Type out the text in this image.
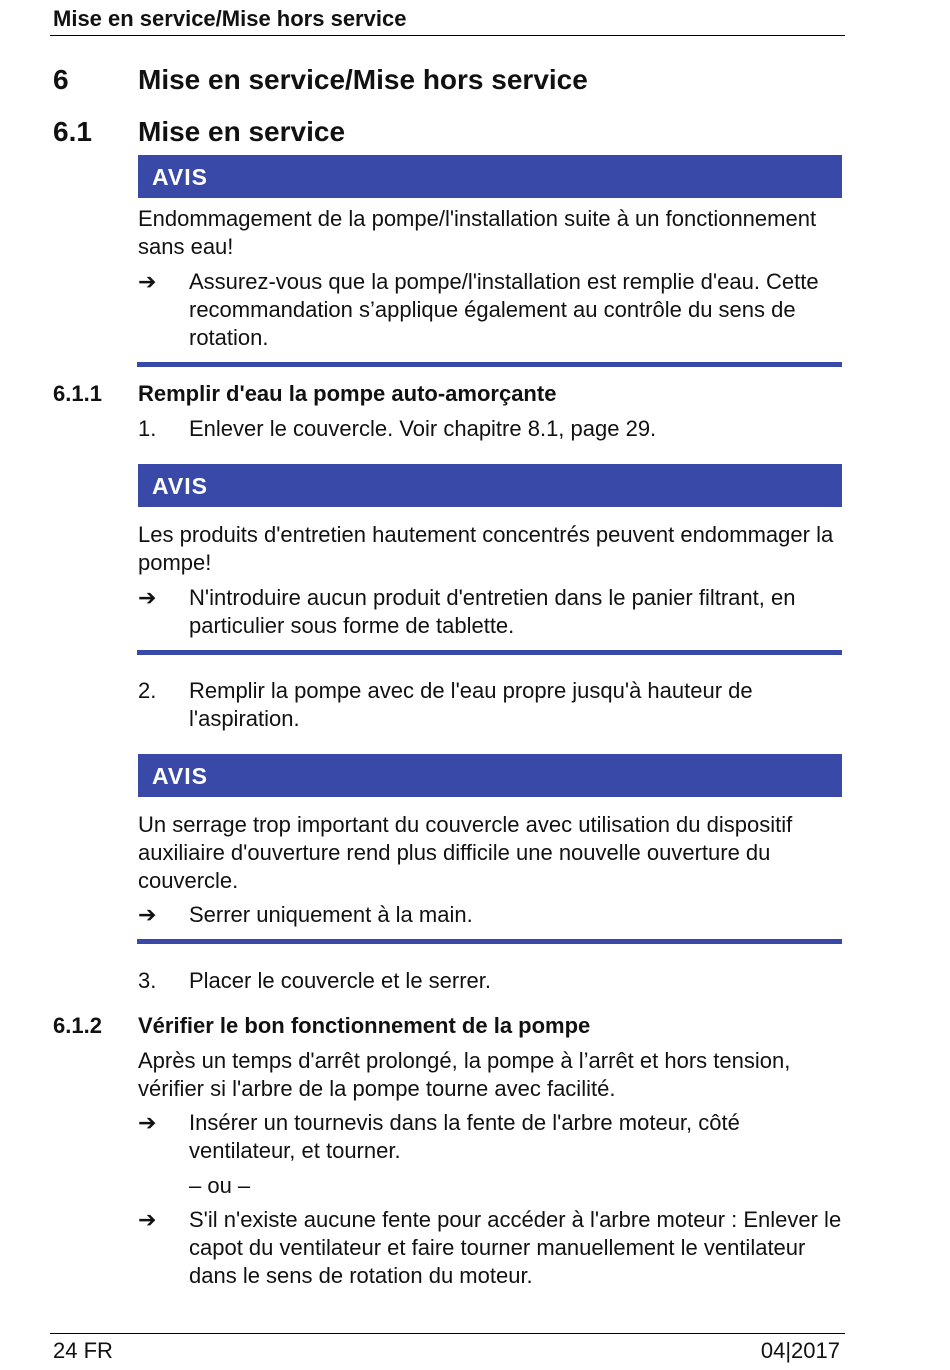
Mise en service/Mise hors service
6 Mise en service/Mise hors service
6.1 Mise en service
AVIS
Endommagement de la pompe/l'installation suite à un fonctionnement sans eau!
➔ Assurez-vous que la pompe/l'installation est remplie d'eau. Cette recommandation s’applique également au contrôle du sens de rotation.
6.1.1 Remplir d'eau la pompe auto-amorçante
1. Enlever le couvercle. Voir chapitre 8.1, page 29.
AVIS
Les produits d'entretien hautement concentrés peuvent endommager la pompe!
➔ N'introduire aucun produit d'entretien dans le panier filtrant, en particulier sous forme de tablette.
2. Remplir la pompe avec de l'eau propre jusqu'à hauteur de l'aspiration.
AVIS
Un serrage trop important du couvercle avec utilisation du dispositif auxiliaire d'ouverture rend plus difficile une nouvelle ouverture du couvercle.
➔ Serrer uniquement à la main.
3. Placer le couvercle et le serrer.
6.1.2 Vérifier le bon fonctionnement de la pompe
Après un temps d'arrêt prolongé, la pompe à l’arrêt et hors tension, vérifier si l'arbre de la pompe tourne avec facilité.
➔ Insérer un tournevis dans la fente de l'arbre moteur, côté ventilateur, et tourner.
– ou –
➔ S'il n'existe aucune fente pour accéder à l'arbre moteur : Enlever le capot du ventilateur et faire tourner manuellement le ventilateur dans le sens de rotation du moteur.
24 FR	04|2017
